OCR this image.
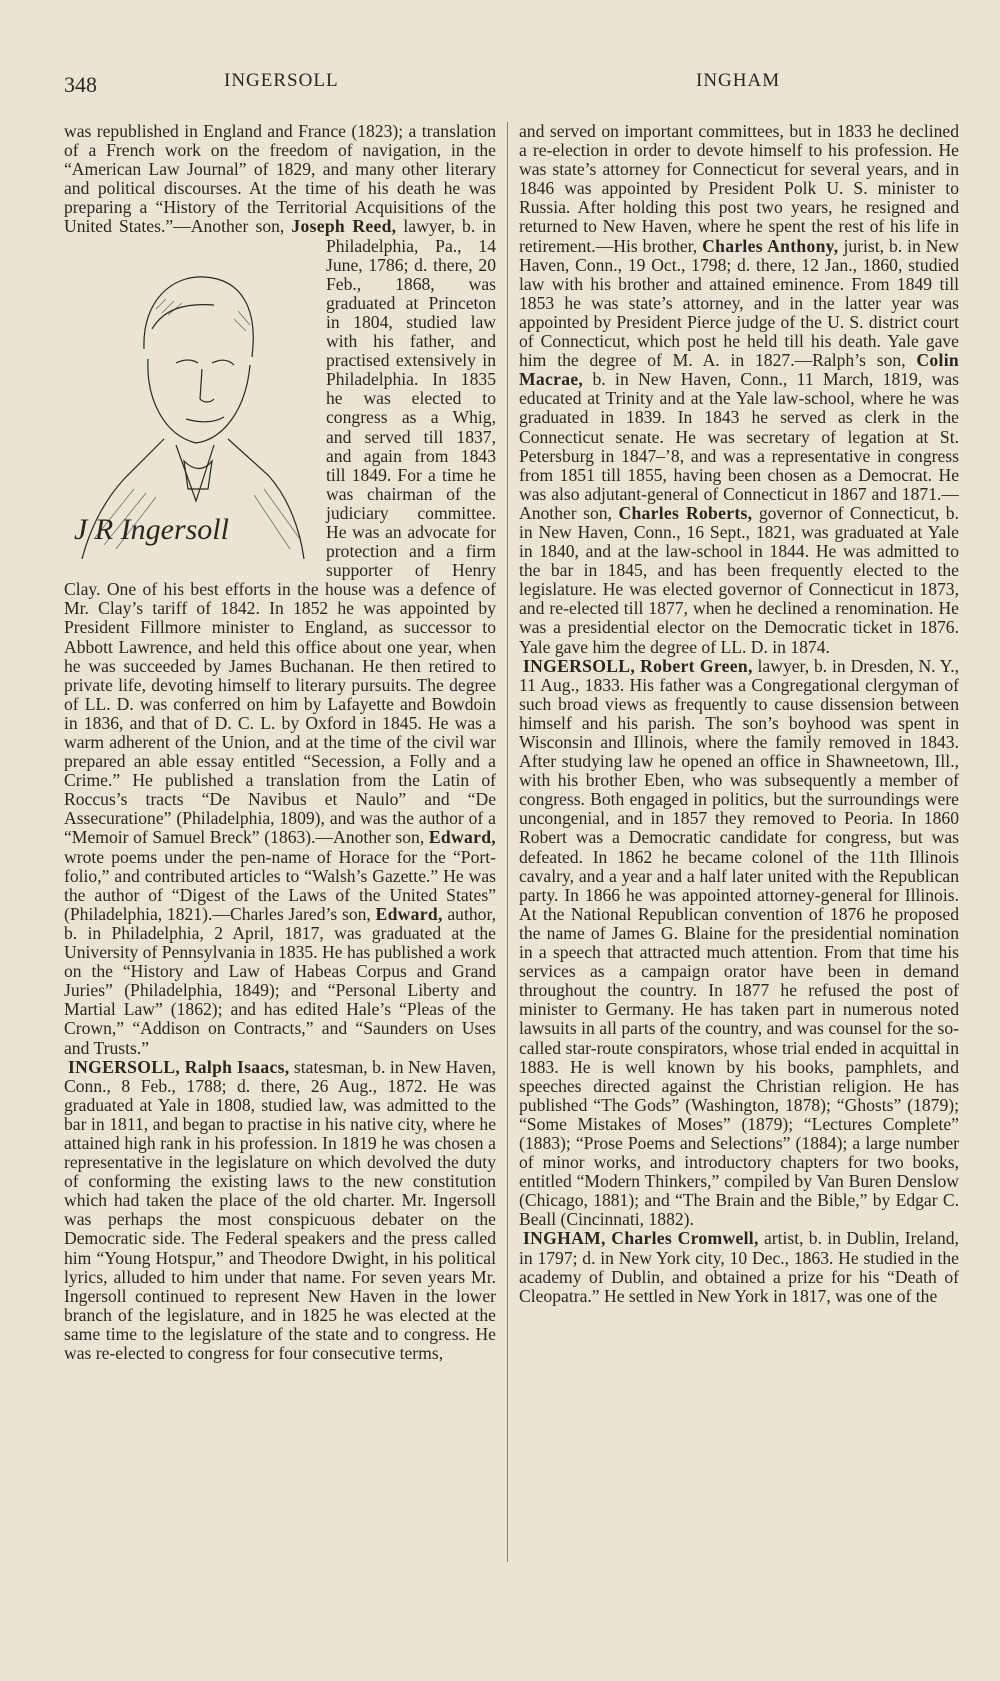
348	INGERSOLL	INGHAM

was republished in England and France (1823); a translation of a French work on the freedom of navigation, in the “American Law Journal” of 1829, and many other literary and political discourses. At the time of his death he was preparing a “History of the Territorial Acquisitions of the United States.”—Another son, Joseph Reed,
J R Ingersoll
lawyer, b. in Philadelphia, Pa., 14 June, 1786; d. there, 20 Feb., 1868, was graduated at Princeton in 1804, studied law with his father, and practised extensively in Philadelphia. In 1835 he was elected to congress as a Whig, and served till 1837, and again from 1843 till 1849. For a time he was chairman of the judiciary committee. He was an advocate for protection and a firm supporter of Henry Clay. One of his best efforts in the house was a defence of Mr. Clay’s tariff of 1842. In 1852 he was appointed by President Fillmore minister to England, as successor to Abbott Lawrence, and held this office about one year, when he was succeeded by James Buchanan. He then retired to private life, devoting himself to literary pursuits. The degree of LL. D. was conferred on him by Lafayette and Bowdoin in 1836, and that of D. C. L. by Oxford in 1845. He was a warm adherent of the Union, and at the time of the civil war prepared an able essay entitled “Secession, a Folly and a Crime.” He published a translation from the Latin of Roccus’s tracts “De Navibus et Naulo” and “De Assecuratione” (Philadelphia, 1809), and was the author of a “Memoir of Samuel Breck” (1863).—Another son, Edward, wrote poems under the pen-name of Horace for the “Port-folio,” and contributed articles to “Walsh’s Gazette.” He was the author of “Digest of the Laws of the United States” (Philadelphia, 1821).—Charles Jared’s son, Edward, author, b. in Philadelphia, 2 April, 1817, was graduated at the University of Pennsylvania in 1835. He has published a work on the “History and Law of Habeas Corpus and Grand Juries” (Philadelphia, 1849); and “Personal Liberty and Martial Law” (1862); and has edited Hale’s “Pleas of the Crown,” “Addison on Contracts,” and “Saunders on Uses and Trusts.”

INGERSOLL, Ralph Isaacs, statesman, b. in New Haven, Conn., 8 Feb., 1788; d. there, 26 Aug., 1872. He was graduated at Yale in 1808, studied law, was admitted to the bar in 1811, and began to practise in his native city, where he attained high rank in his profession. In 1819 he was chosen a representative in the legislature on which devolved the duty of conforming the existing laws to the new constitution which had taken the place of the old charter. Mr. Ingersoll was perhaps the most conspicuous debater on the Democratic side. The Federal speakers and the press called him “Young Hotspur,” and Theodore Dwight, in his political lyrics, alluded to him under that name. For seven years Mr. Ingersoll continued to represent New Haven in the lower branch of the legislature, and in 1825 he was elected at the same time to the legislature of the state and to congress. He was re-elected to congress for four consecutive terms,

and served on important committees, but in 1833 he declined a re-election in order to devote himself to his profession. He was state’s attorney for Connecticut for several years, and in 1846 was appointed by President Polk U. S. minister to Russia. After holding this post two years, he resigned and returned to New Haven, where he spent the rest of his life in retirement.—His brother, Charles Anthony, jurist, b. in New Haven, Conn., 19 Oct., 1798; d. there, 12 Jan., 1860, studied law with his brother and attained eminence. From 1849 till 1853 he was state’s attorney, and in the latter year was appointed by President Pierce judge of the U. S. district court of Connecticut, which post he held till his death. Yale gave him the degree of M. A. in 1827.—Ralph’s son, Colin Macrae, b. in New Haven, Conn., 11 March, 1819, was educated at Trinity and at the Yale law-school, where he was graduated in 1839. In 1843 he served as clerk in the Connecticut senate. He was secretary of legation at St. Petersburg in 1847–’8, and was a representative in congress from 1851 till 1855, having been chosen as a Democrat. He was also adjutant-general of Connecticut in 1867 and 1871.—Another son, Charles Roberts, governor of Connecticut, b. in New Haven, Conn., 16 Sept., 1821, was graduated at Yale in 1840, and at the law-school in 1844. He was admitted to the bar in 1845, and has been frequently elected to the legislature. He was elected governor of Connecticut in 1873, and re-elected till 1877, when he declined a renomination. He was a presidential elector on the Democratic ticket in 1876. Yale gave him the degree of LL. D. in 1874.

INGERSOLL, Robert Green, lawyer, b. in Dresden, N. Y., 11 Aug., 1833. His father was a Congregational clergyman of such broad views as frequently to cause dissension between himself and his parish. The son’s boyhood was spent in Wisconsin and Illinois, where the family removed in 1843. After studying law he opened an office in Shawneetown, Ill., with his brother Eben, who was subsequently a member of congress. Both engaged in politics, but the surroundings were uncongenial, and in 1857 they removed to Peoria. In 1860 Robert was a Democratic candidate for congress, but was defeated. In 1862 he became colonel of the 11th Illinois cavalry, and a year and a half later united with the Republican party. In 1866 he was appointed attorney-general for Illinois. At the National Republican convention of 1876 he proposed the name of James G. Blaine for the presidential nomination in a speech that attracted much attention. From that time his services as a campaign orator have been in demand throughout the country. In 1877 he refused the post of minister to Germany. He has taken part in numerous noted lawsuits in all parts of the country, and was counsel for the so-called star-route conspirators, whose trial ended in acquittal in 1883. He is well known by his books, pamphlets, and speeches directed against the Christian religion. He has published “The Gods” (Washington, 1878); “Ghosts” (1879); “Some Mistakes of Moses” (1879); “Lectures Complete” (1883); “Prose Poems and Selections” (1884); a large number of minor works, and introductory chapters for two books, entitled “Modern Thinkers,” compiled by Van Buren Denslow (Chicago, 1881); and “The Brain and the Bible,” by Edgar C. Beall (Cincinnati, 1882).

INGHAM, Charles Cromwell, artist, b. in Dublin, Ireland, in 1797; d. in New York city, 10 Dec., 1863. He studied in the academy of Dublin, and obtained a prize for his “Death of Cleopatra.” He settled in New York in 1817, was one of the
